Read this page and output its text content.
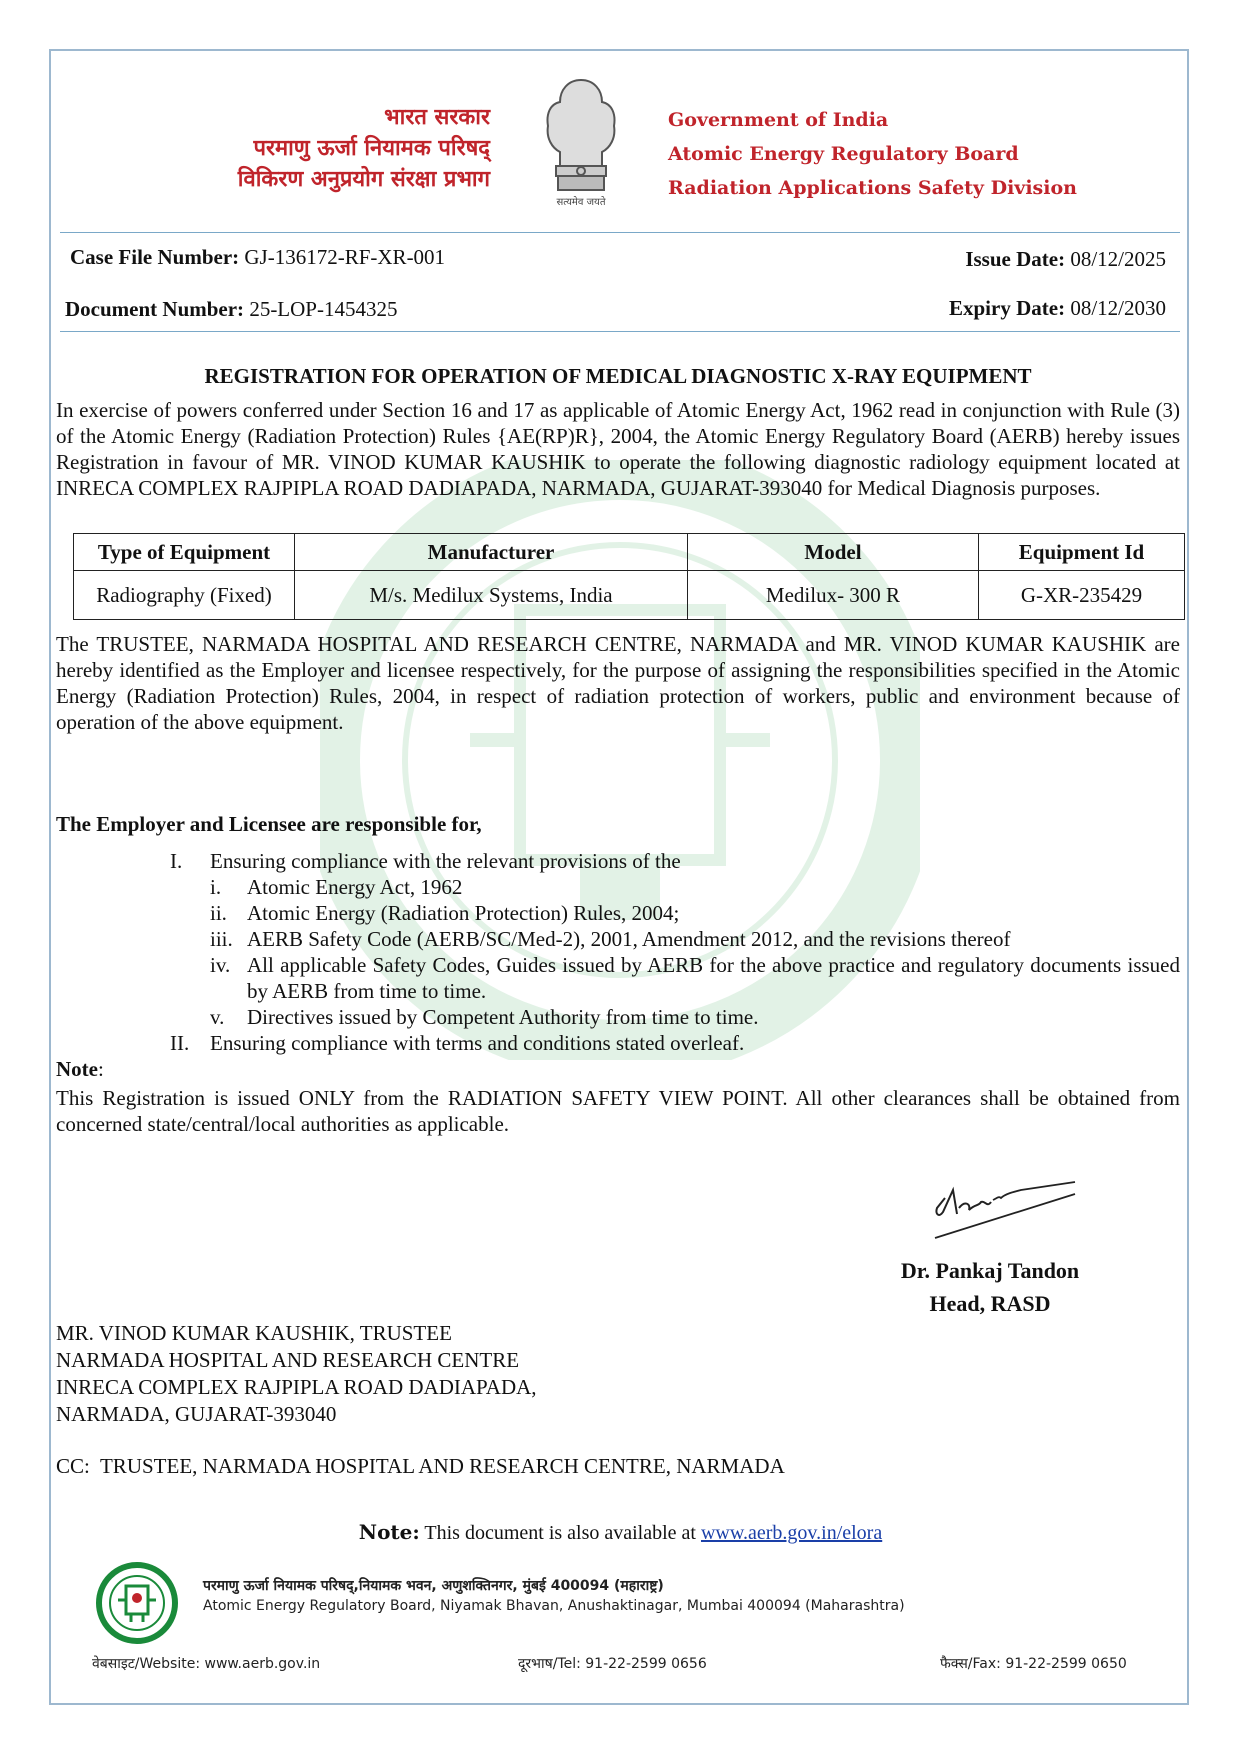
भारत सरकार
परमाणु ऊर्जा नियामक परिषद्
विकिरण अनुप्रयोग संरक्षा प्रभाग
सत्यमेव जयते
Government of India
Atomic Energy Regulatory Board
Radiation Applications Safety Division
Case File Number: GJ-136172-RF-XR-001	Issue Date: 08/12/2025
Document Number: 25-LOP-1454325	Expiry Date: 08/12/2030
REGISTRATION FOR OPERATION OF MEDICAL DIAGNOSTIC X-RAY EQUIPMENT
In exercise of powers conferred under Section 16 and 17 as applicable of Atomic Energy Act, 1962 read in conjunction with Rule (3) of the Atomic Energy (Radiation Protection) Rules {AE(RP)R}, 2004, the Atomic Energy Regulatory Board (AERB) hereby issues Registration in favour of MR. VINOD KUMAR KAUSHIK to operate the following diagnostic radiology equipment located at INRECA COMPLEX RAJPIPLA ROAD DADIAPADA, NARMADA, GUJARAT-393040 for Medical Diagnosis purposes.
Type of Equipment	Manufacturer	Model	Equipment Id
Radiography (Fixed)	M/s. Medilux Systems, India	Medilux- 300 R	G-XR-235429
The TRUSTEE, NARMADA HOSPITAL AND RESEARCH CENTRE, NARMADA and MR. VINOD KUMAR KAUSHIK are hereby identified as the Employer and licensee respectively, for the purpose of assigning the responsibilities specified in the Atomic Energy (Radiation Protection) Rules, 2004, in respect of radiation protection of workers, public and environment because of operation of the above equipment.
The Employer and Licensee are responsible for,
I. Ensuring compliance with the relevant provisions of the
i. Atomic Energy Act, 1962
ii. Atomic Energy (Radiation Protection) Rules, 2004;
iii. AERB Safety Code (AERB/SC/Med-2), 2001, Amendment 2012, and the revisions thereof
iv. All applicable Safety Codes, Guides issued by AERB for the above practice and regulatory documents issued by AERB from time to time.
v. Directives issued by Competent Authority from time to time.
II. Ensuring compliance with terms and conditions stated overleaf.
Note:
This Registration is issued ONLY from the RADIATION SAFETY VIEW POINT. All other clearances shall be obtained from concerned state/central/local authorities as applicable.
Dr. Pankaj Tandon
Head, RASD
MR. VINOD KUMAR KAUSHIK, TRUSTEE
NARMADA HOSPITAL AND RESEARCH CENTRE
INRECA COMPLEX RAJPIPLA ROAD DADIAPADA,
NARMADA, GUJARAT-393040
CC: TRUSTEE, NARMADA HOSPITAL AND RESEARCH CENTRE, NARMADA
Note: This document is also available at www.aerb.gov.in/elora
परमाणु ऊर्जा नियामक परिषद्,नियामक भवन, अणुशक्तिनगर, मुंबई 400094 (महाराष्ट्र)
Atomic Energy Regulatory Board, Niyamak Bhavan, Anushaktinagar, Mumbai 400094 (Maharashtra)
वेबसाइट/Website: www.aerb.gov.in	दूरभाष/Tel: 91-22-2599 0656	फैक्स/Fax: 91-22-2599 0650
